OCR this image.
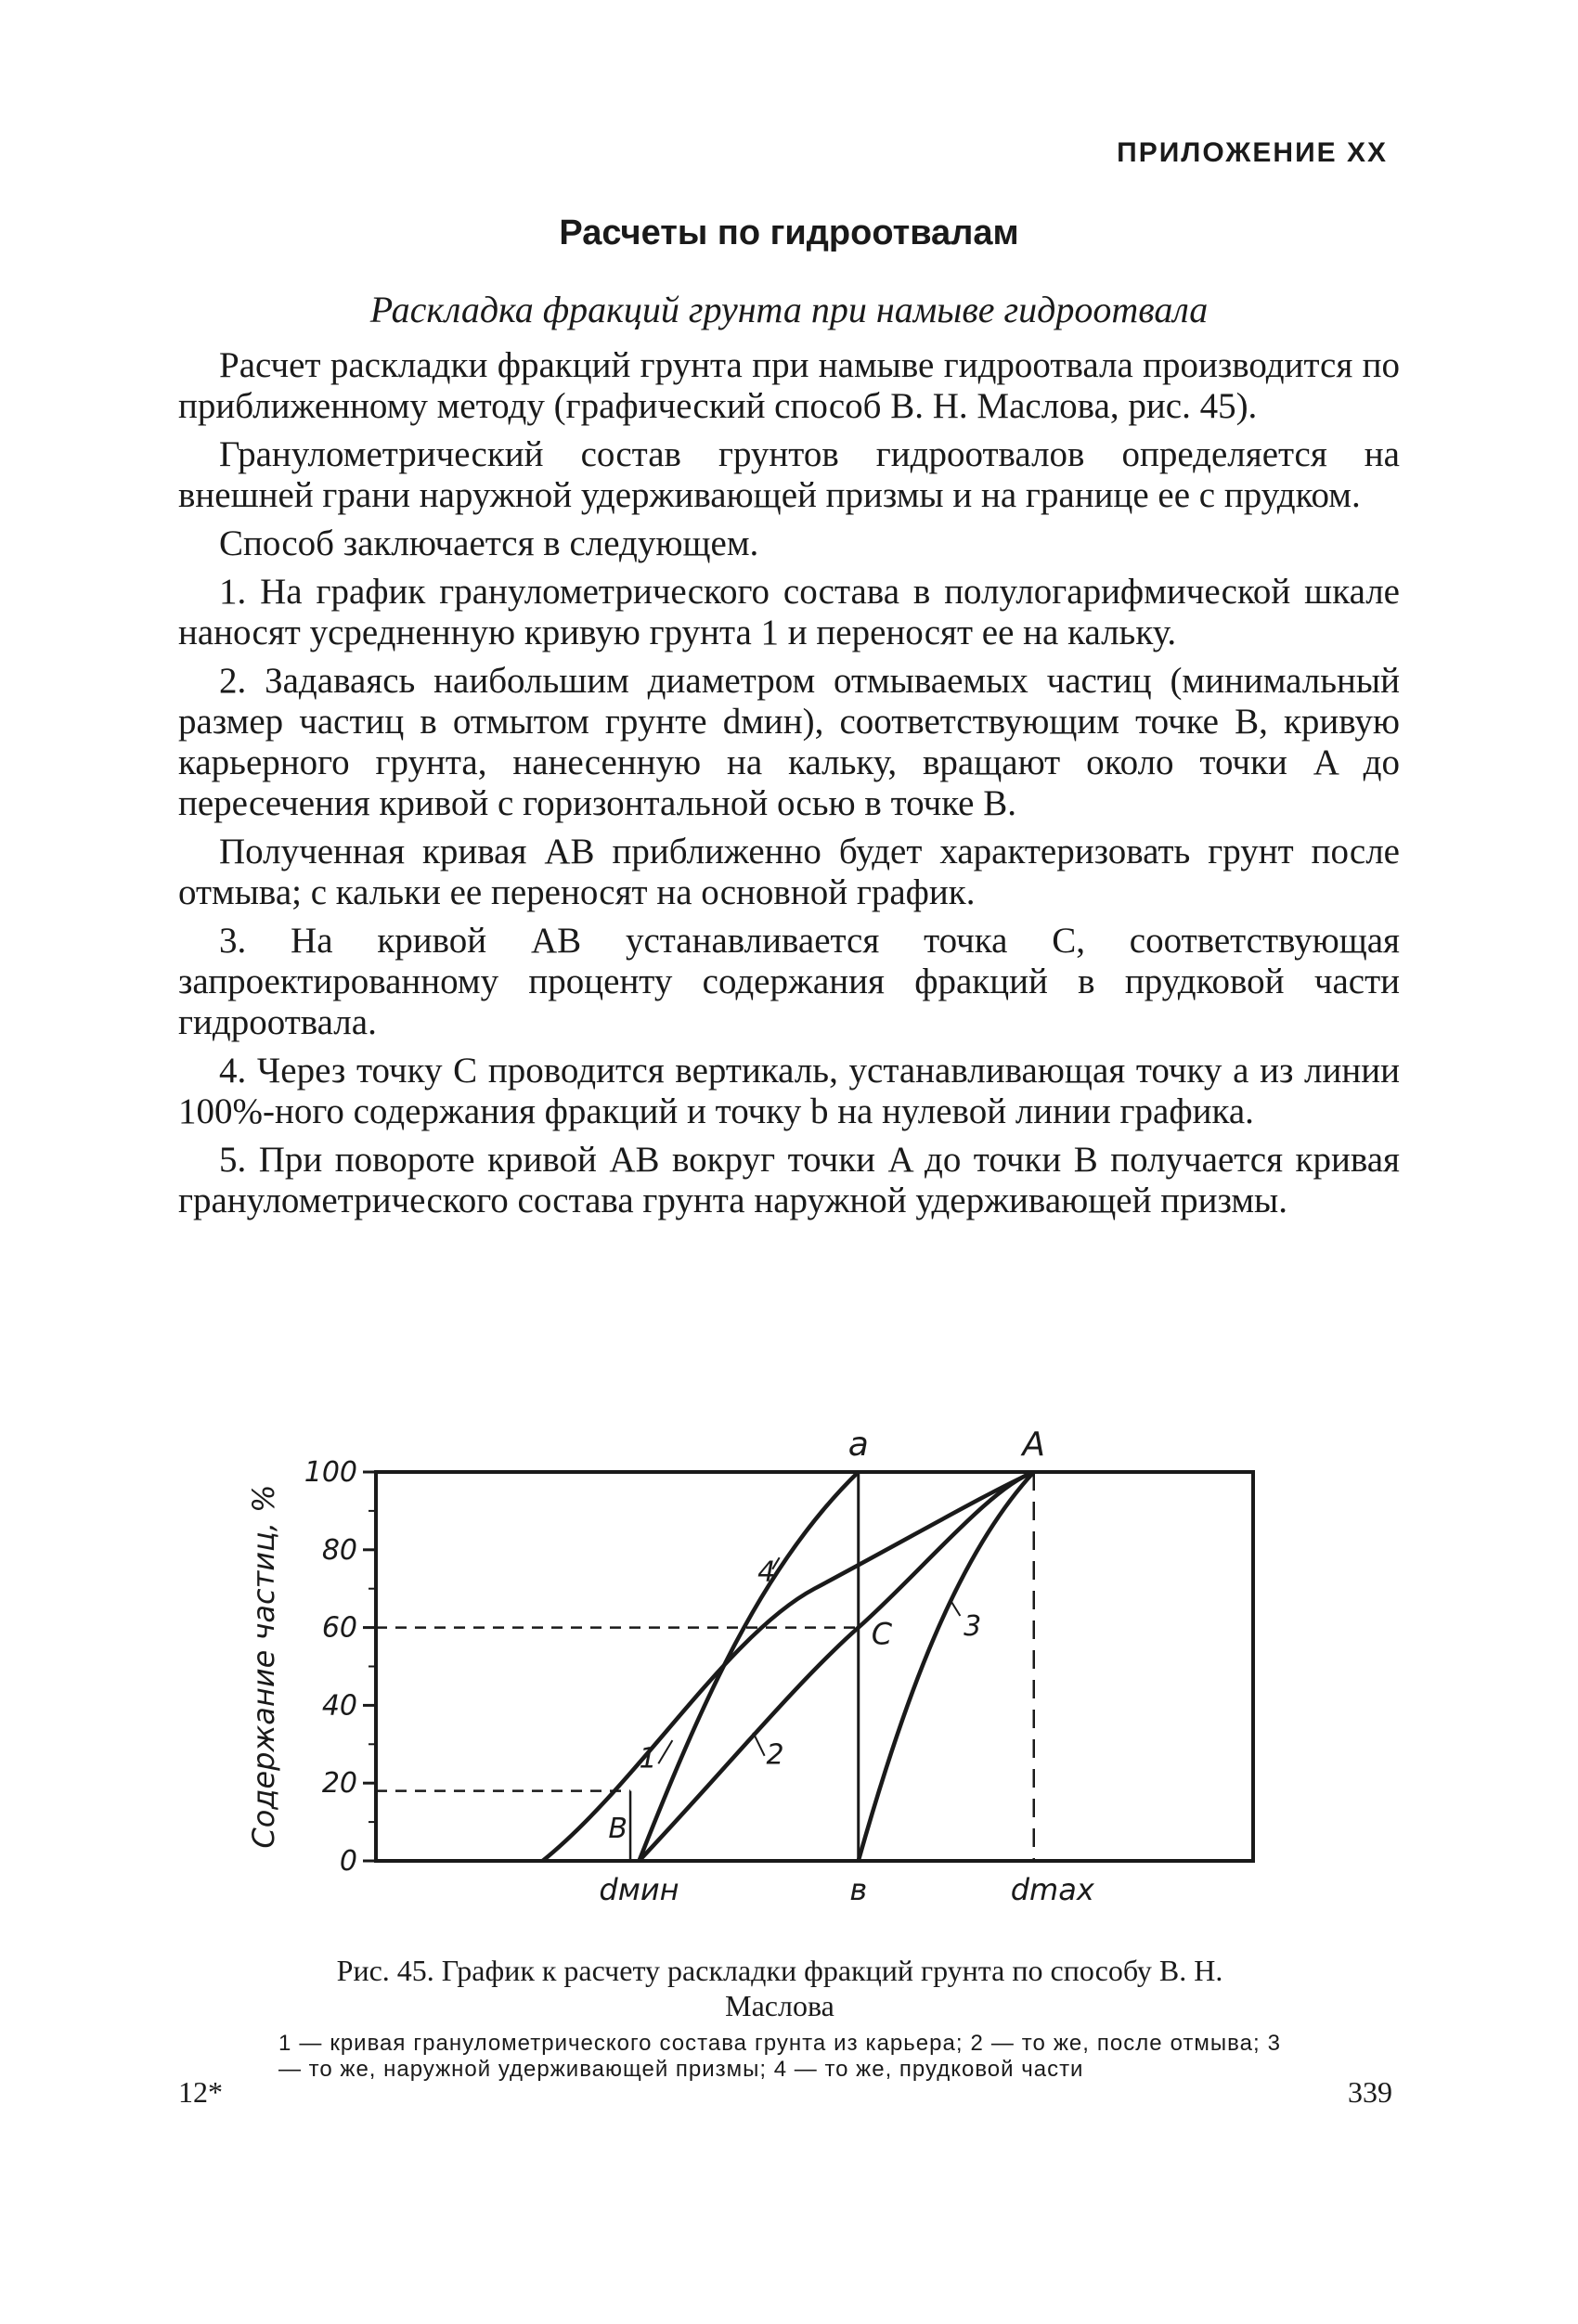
ПРИЛОЖЕНИЕ XX
Расчеты по гидроотвалам
Раскладка фракций грунта при намыве гидроотвала

Расчет раскладки фракций грунта при намыве гидроотвала производится по приближенному методу (графический способ В. Н. Маслова, рис. 45).

Гранулометрический состав грунтов гидроотвалов определяется на внешней грани наружной удерживающей призмы и на границе ее с прудком.

Способ заключается в следующем.

1. На график гранулометрического состава в полулогарифмической шкале наносят усредненную кривую грунта 1 и переносят ее на кальку.

2. Задаваясь наибольшим диаметром отмываемых частиц (минимальный размер частиц в отмытом грунте dмин), соответствующим точке B, кривую карьерного грунта, нанесенную на кальку, вращают около точки A до пересечения кривой с горизонтальной осью в точке B.

Полученная кривая AB приближенно будет характеризовать грунт после отмыва; с кальки ее переносят на основной график.

3. На кривой AB устанавливается точка C, соответствующая запроектированному проценту содержания фракций в прудковой части гидроотвала.

4. Через точку C проводится вертикаль, устанавливающая точку a из линии 100%-ного содержания фракций и точку b на нулевой линии графика.

5. При повороте кривой AB вокруг точки A до точки B получается кривая гранулометрического состава грунта наружной удерживающей призмы.

0
20
40
60
80
100
Содержание частиц, %
a	A
C
B
1	2
3
4
dмин	в	dmax
Рис. 45. График к расчету раскладки фракций грунта по способу В. Н. Маслова
1 — кривая гранулометрического состава грунта из карьера; 2 — то же, после отмыва; 3 — то же, наружной удерживающей призмы; 4 — то же, прудковой части
12*	339
